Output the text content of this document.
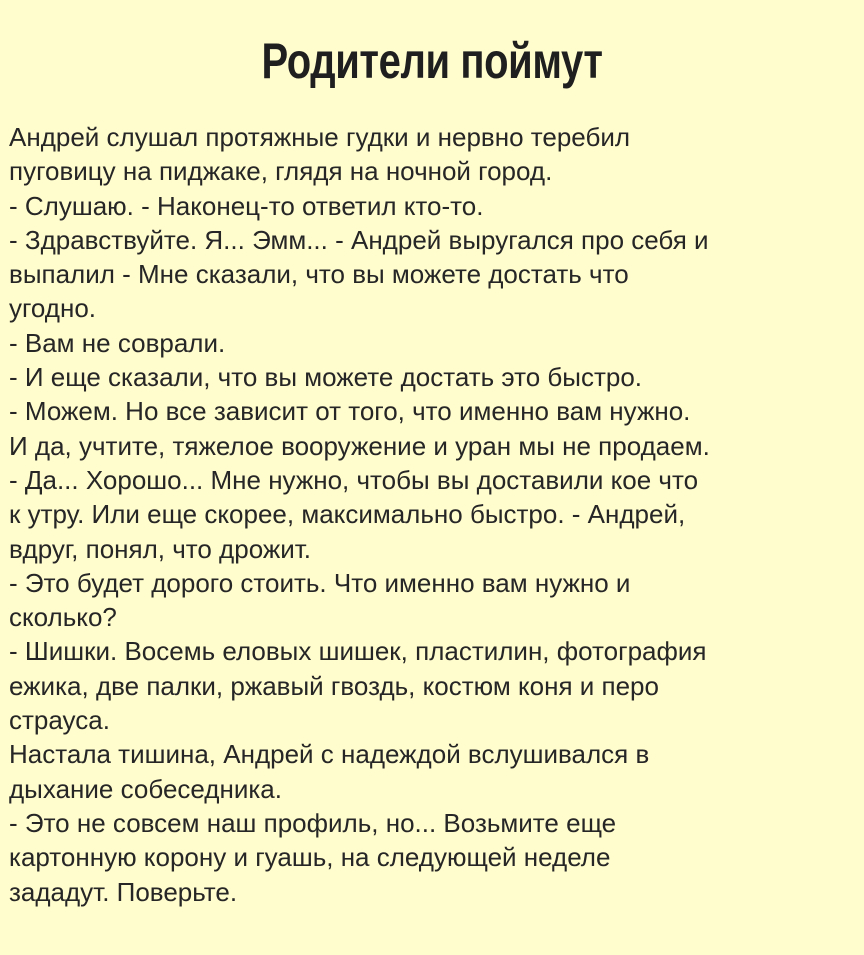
Родители поймут
Андрей слушал протяжные гудки и нервно теребил
пуговицу на пиджаке, глядя на ночной город.
- Слушаю. - Наконец-то ответил кто-то.
- Здравствуйте. Я... Эмм... - Андрей выругался про себя и
выпалил - Мне сказали, что вы можете достать что
угодно.
- Вам не соврали.
- И еще сказали, что вы можете достать это быстро.
- Можем. Но все зависит от того, что именно вам нужно.
И да, учтите, тяжелое вооружение и уран мы не продаем.
- Да... Хорошо... Мне нужно, чтобы вы доставили кое что
к утру. Или еще скорее, максимально быстро. - Андрей,
вдруг, понял, что дрожит.
- Это будет дорого стоить. Что именно вам нужно и
сколько?
- Шишки. Восемь еловых шишек, пластилин, фотография
ежика, две палки, ржавый гвоздь, костюм коня и перо
страуса.
Настала тишина, Андрей с надеждой вслушивался в
дыхание собеседника.
- Это не совсем наш профиль, но... Возьмите еще
картонную корону и гуашь, на следующей неделе
зададут. Поверьте.
